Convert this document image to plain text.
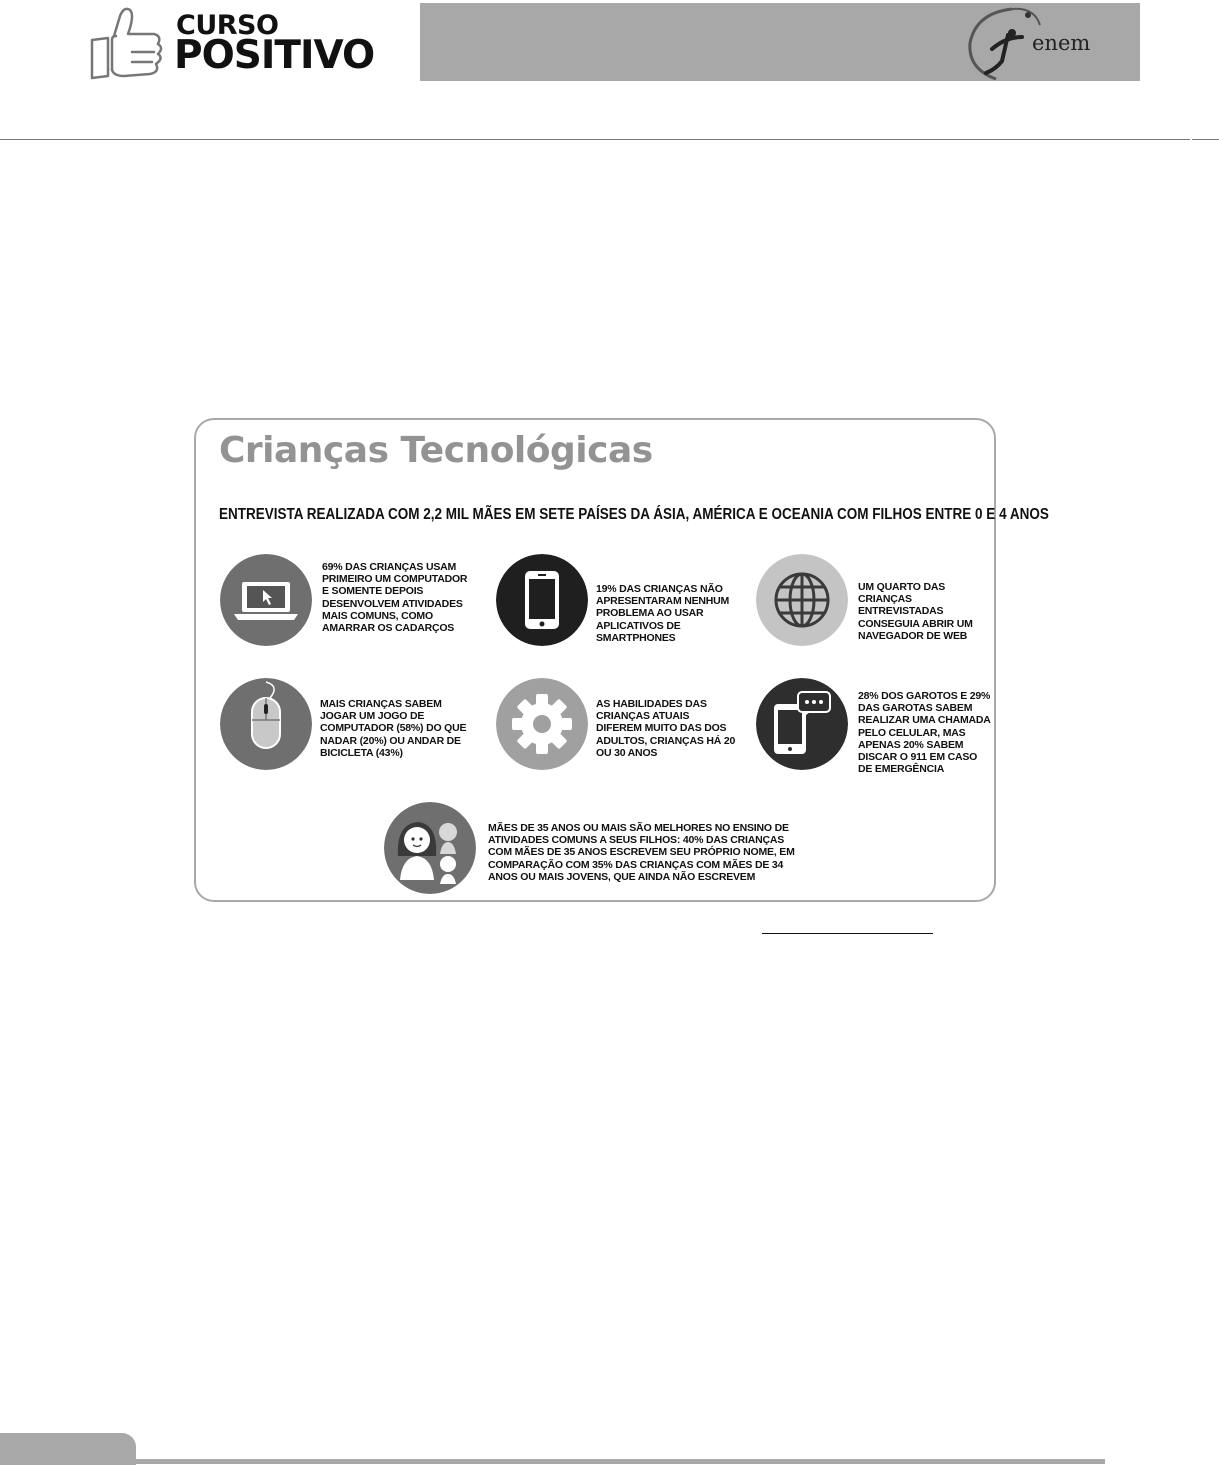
CURSO
POSITIVO	enem
Crianças Tecnológicas
ENTREVISTA REALIZADA COM 2,2 MIL MÃES EM SETE PAÍSES DA ÁSIA, AMÉRICA E OCEANIA COM FILHOS ENTRE 0 E 4 ANOS
69% DAS CRIANÇAS USAM PRIMEIRO UM COMPUTADOR E SOMENTE DEPOIS DESENVOLVEM ATIVIDADES MAIS COMUNS, COMO AMARRAR OS CADARÇOS
19% DAS CRIANÇAS NÃO APRESENTARAM NENHUM PROBLEMA AO USAR APLICATIVOS DE SMARTPHONES
UM QUARTO DAS CRIANÇAS ENTREVISTADAS CONSEGUIA ABRIR UM NAVEGADOR DE WEB
MAIS CRIANÇAS SABEM JOGAR UM JOGO DE COMPUTADOR (58%) DO QUE NADAR (20%) OU ANDAR DE BICICLETA (43%)
AS HABILIDADES DAS CRIANÇAS ATUAIS DIFEREM MUITO DAS DOS ADULTOS, CRIANÇAS HÁ 20 OU 30 ANOS
28% DOS GAROTOS E 29% DAS GAROTAS SABEM REALIZAR UMA CHAMADA PELO CELULAR, MAS APENAS 20% SABEM DISCAR O 911 EM CASO DE EMERGÊNCIA
MÃES DE 35 ANOS OU MAIS SÃO MELHORES NO ENSINO DE ATIVIDADES COMUNS A SEUS FILHOS: 40% DAS CRIANÇAS COM MÃES DE 35 ANOS ESCREVEM SEU PRÓPRIO NOME, EM COMPARAÇÃO COM 35% DAS CRIANÇAS COM MÃES DE 34 ANOS OU MAIS JOVENS, QUE AINDA NÃO ESCREVEM
